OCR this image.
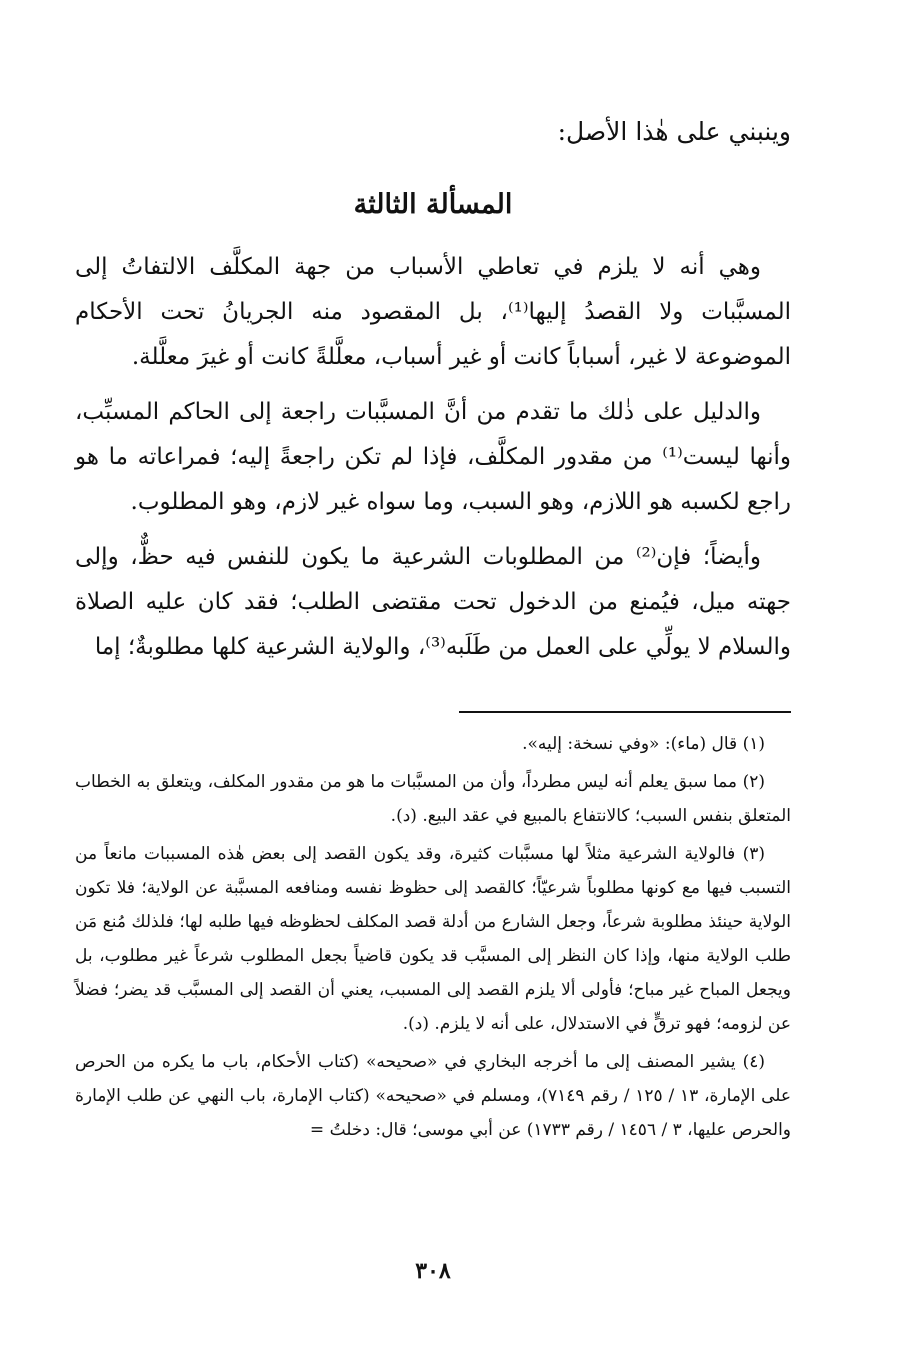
وينبني على هٰذا الأصل:
المسألة الثالثة

وهي أنه لا يلزم في تعاطي الأسباب من جهة المكلَّف الالتفاتُ إلى المسبَّبات ولا القصدُ إليها⁽¹⁾، بل المقصود منه الجريانُ تحت الأحكام الموضوعة لا غير، أسباباً كانت أو غير أسباب، معلَّلةً كانت أو غيرَ معلَّلة.

والدليل على ذٰلك ما تقدم من أنَّ المسبَّبات راجعة إلى الحاكم المسبِّب، وأنها ليست⁽¹⁾ من مقدور المكلَّف، فإذا لم تكن راجعةً إليه؛ فمراعاته ما هو راجع لكسبه هو اللازم، وهو السبب، وما سواه غير لازم، وهو المطلوب.

وأيضاً؛ فإن⁽²⁾ من المطلوبات الشرعية ما يكون للنفس فيه حظٌّ، وإلى جهته ميل، فيُمنع من الدخول تحت مقتضى الطلب؛ فقد كان عليه الصلاة والسلام لا يولِّي على العمل من طَلَبه⁽³⁾، والولاية الشرعية كلها مطلوبةٌ؛ إما

(١) قال (ماء): «وفي نسخة: إليه».

(٢) مما سبق يعلم أنه ليس مطرداً، وأن من المسبَّبات ما هو من مقدور المكلف، ويتعلق به الخطاب المتعلق بنفس السبب؛ كالانتفاع بالمبيع في عقد البيع. (د).

(٣) فالولاية الشرعية مثلاً لها مسبَّبات كثيرة، وقد يكون القصد إلى بعض هٰذه المسببات مانعاً من التسبب فيها مع كونها مطلوباً شرعيّاً؛ كالقصد إلى حظوظ نفسه ومنافعه المسبَّبة عن الولاية؛ فلا تكون الولاية حينئذ مطلوبة شرعاً، وجعل الشارع من أدلة قصد المكلف لحظوظه فيها طلبه لها؛ فلذلك مُنع مَن طلب الولاية منها، وإذا كان النظر إلى المسبَّب قد يكون قاضياً بجعل المطلوب شرعاً غير مطلوب، بل ويجعل المباح غير مباح؛ فأولى ألا يلزم القصد إلى المسبب، يعني أن القصد إلى المسبَّب قد يضر؛ فضلاً عن لزومه؛ فهو ترقٍّ في الاستدلال، على أنه لا يلزم. (د).

(٤) يشير المصنف إلى ما أخرجه البخاري في «صحيحه» (كتاب الأحكام، باب ما يكره من الحرص على الإمارة، ١٣ / ١٢٥ / رقم ٧١٤٩)، ومسلم في «صحيحه» (كتاب الإمارة، باب النهي عن طلب الإمارة والحرص عليها، ٣ / ١٤٥٦ / رقم ١٧٣٣) عن أبي موسى؛ قال: دخلتُ =

٣٠٨
